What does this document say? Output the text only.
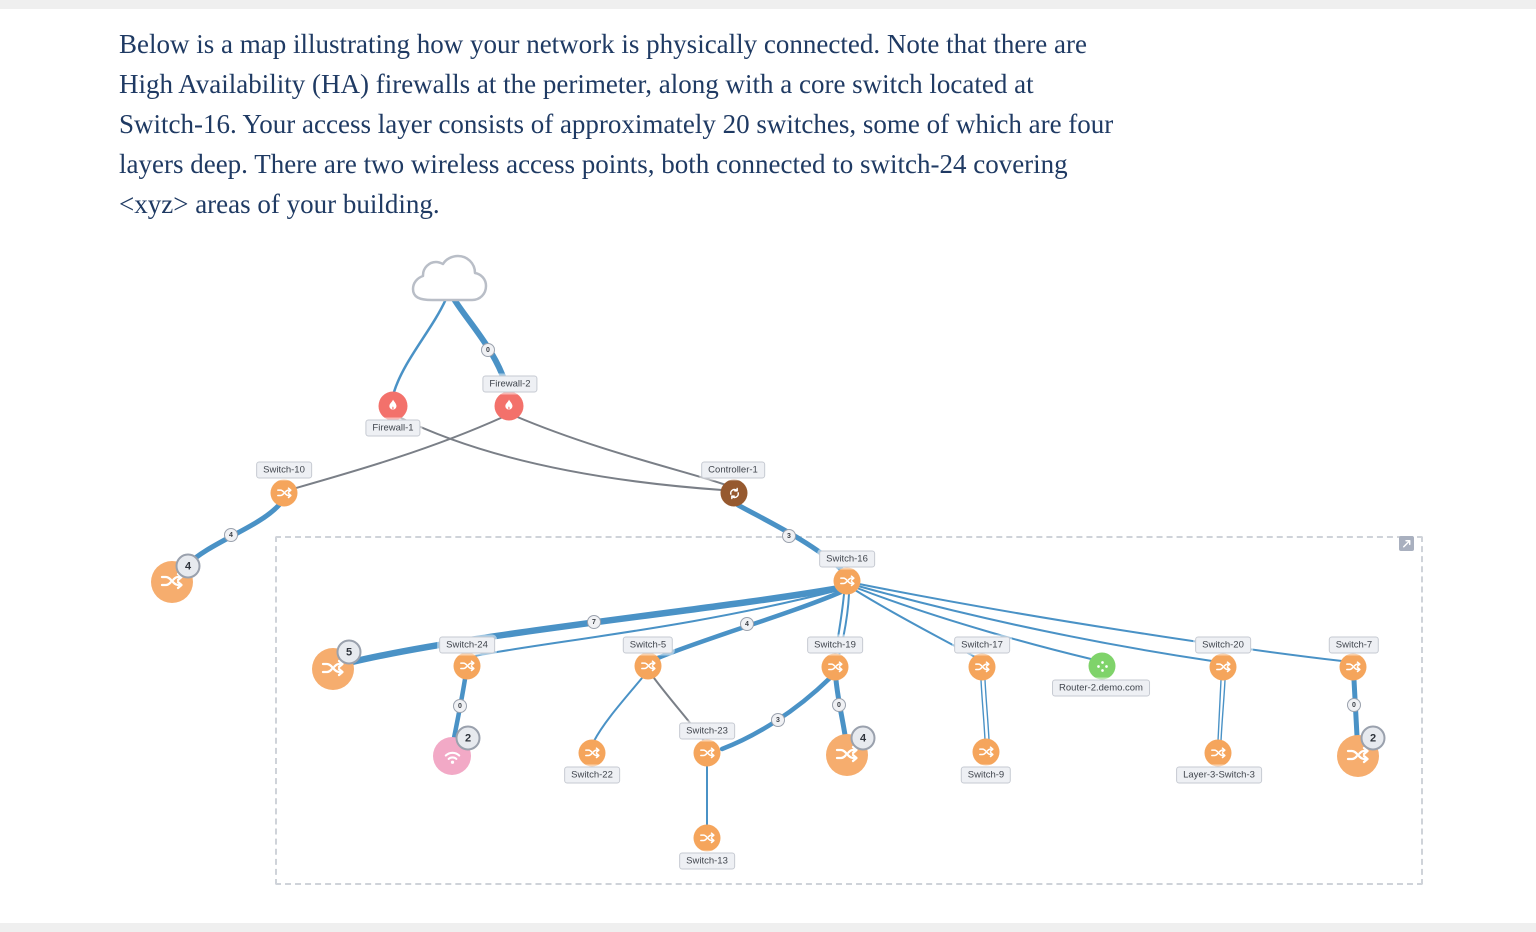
Below is a map illustrating how your network is physically connected. Note that there are
High Availability (HA) firewalls at the perimeter, along with a core switch located at
Switch-16. Your access layer consists of approximately 20 switches, some of which are four
layers deep. There are two wireless access points, both connected to switch-24 covering
<xyz> areas of your building.
Firewall-1
Firewall-2
Switch-10	Controller-1
4
Switch-16
5
Switch-24	Switch-5	Switch-19	Switch-17
Router-2.demo.com
Switch-20	Switch-7
2
Switch-22
Switch-23
4
Switch-9	Layer-3-Switch-3
2
Switch-13
0
4	3
7	4
0	0
3
0
